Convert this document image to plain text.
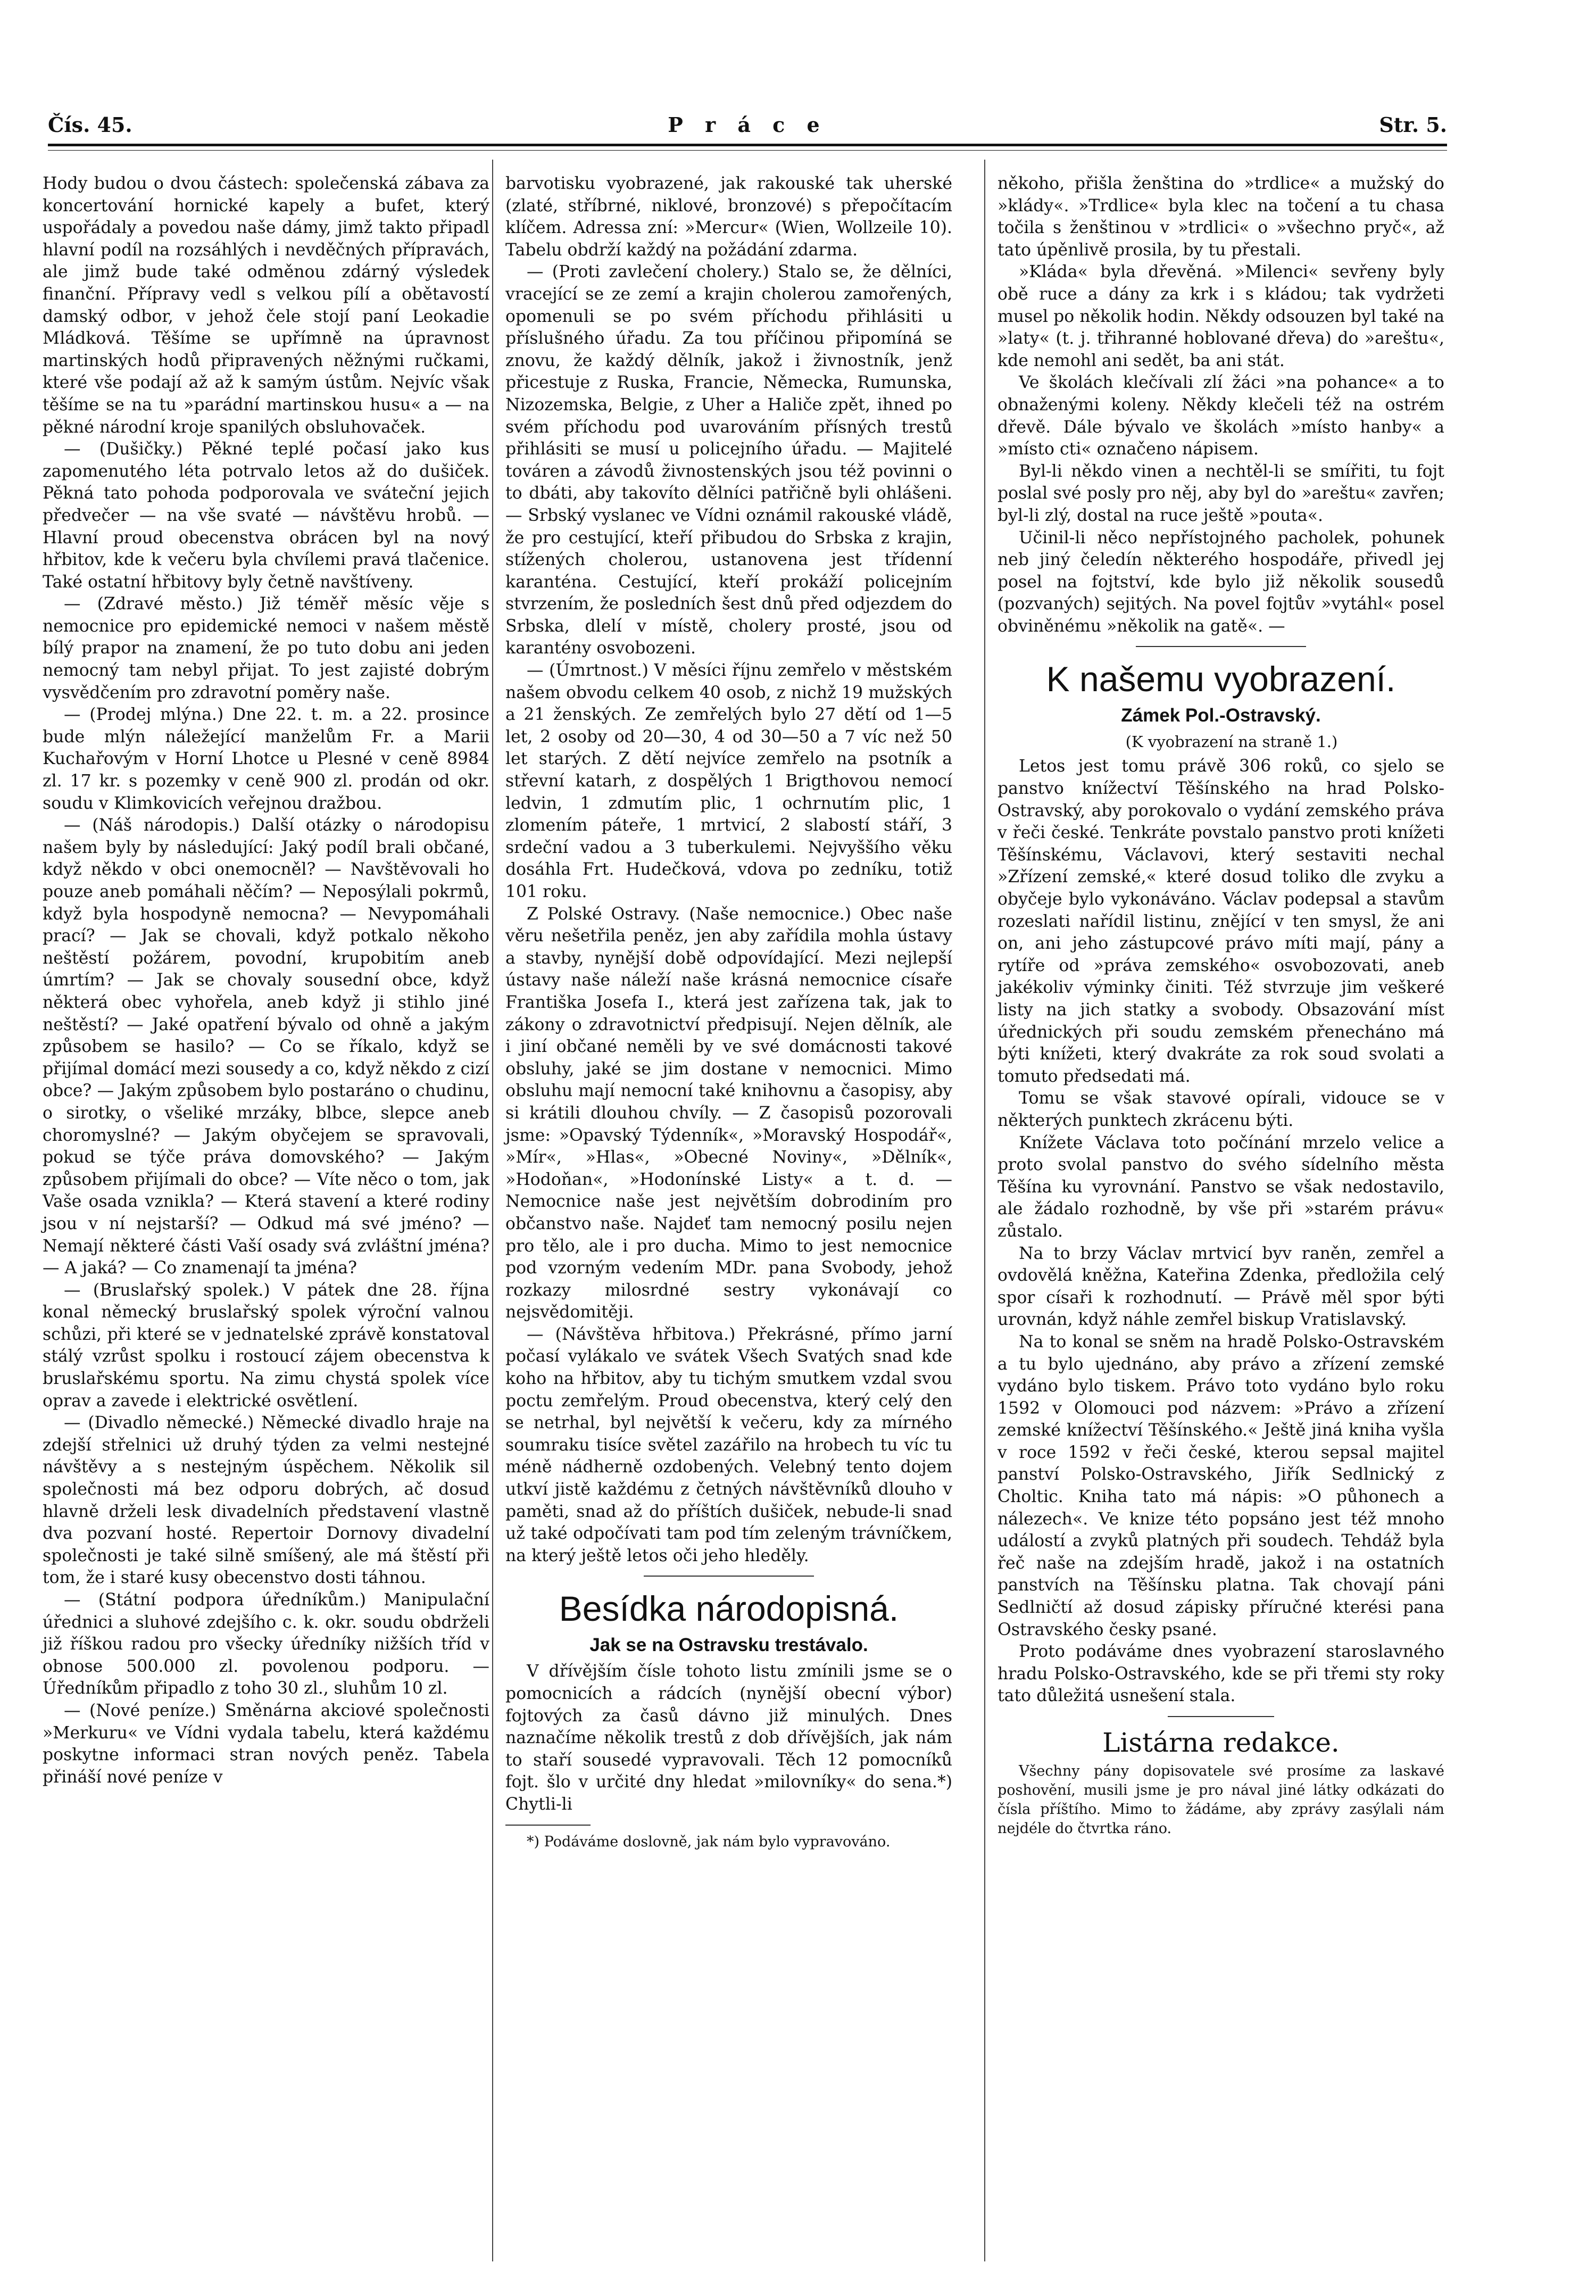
Čís. 45.	P r á c e	Str. 5.

Hody budou o dvou částech: společenská zábava za koncertování hornické kapely a bufet, který uspořádaly a povedou naše dámy, jimž takto připadl hlavní podíl na rozsáhlých i nevděčných přípravách, ale jimž bude také odměnou zdárný výsledek finanční. Přípravy vedl s velkou pílí a obětavostí damský odbor, v jehož čele stojí paní Leokadie Mládková. Těšíme se upřímně na úpravnost martinských hodů připravených něžnými ručkami, které vše podají až až k samým ústům. Nejvíc však těšíme se na tu »parádní martinskou husu« a — na pěkné národní kroje spanilých obsluhovaček.

— (Dušičky.) Pěkné teplé počasí jako kus zapomenutého léta potrvalo letos až do dušiček. Pěkná tato pohoda podporovala ve sváteční jejich předvečer — na vše svaté — návštěvu hrobů. — Hlavní proud obecenstva obrácen byl na nový hřbitov, kde k večeru byla chvílemi pravá tlačenice. Také ostatní hřbitovy byly četně navštíveny.

— (Zdravé město.) Již téměř měsíc věje s nemocnice pro epidemické nemoci v našem městě bílý prapor na znamení, že po tuto dobu ani jeden nemocný tam nebyl přijat. To jest zajisté dobrým vysvědčením pro zdravotní poměry naše.

— (Prodej mlýna.) Dne 22. t. m. a 22. prosince bude mlýn náležející manželům Fr. a Marii Kuchařovým v Horní Lhotce u Plesné v ceně 8984 zl. 17 kr. s pozemky v ceně 900 zl. prodán od okr. soudu v Klimkovicích veřejnou dražbou.

— (Náš národopis.) Další otázky o národopisu našem byly by následující: Jaký podíl brali občané, když někdo v obci onemocněl? — Navštěvovali ho pouze aneb pomáhali něčím? — Neposýlali pokrmů, když byla hospodyně nemocna? — Nevypomáhali prací? — Jak se chovali, když potkalo někoho neštěstí požárem, povodní, krupobitím aneb úmrtím? — Jak se chovaly sousední obce, když některá obec vyhořela, aneb když ji stihlo jiné neštěstí? — Jaké opatření bývalo od ohně a jakým způsobem se hasilo? — Co se říkalo, když se přijímal domácí mezi sousedy a co, když někdo z cizí obce? — Jakým způsobem bylo postaráno o chudinu, o sirotky, o všeliké mrzáky, blbce, slepce aneb choromyslné? — Jakým obyčejem se spravovali, pokud se týče práva domovského? — Jakým způsobem přijímali do obce? — Víte něco o tom, jak Vaše osada vznikla? — Která stavení a které rodiny jsou v ní nejstarší? — Odkud má své jméno? — Nemají některé části Vaší osady svá zvláštní jména? — A jaká? — Co znamenají ta jména?

— (Bruslařský spolek.) V pátek dne 28. října konal německý bruslařský spolek výroční valnou schůzi, při které se v jednatelské zprávě konstatoval stálý vzrůst spolku i rostoucí zájem obecenstva k bruslařskému sportu. Na zimu chystá spolek více oprav a zavede i elektrické osvětlení.

— (Divadlo německé.) Německé divadlo hraje na zdejší střelnici už druhý týden za velmi nestejné návštěvy a s nestejným úspěchem. Několik sil společnosti má bez odporu dobrých, ač dosud hlavně drželi lesk divadelních představení vlastně dva pozvaní hosté. Repertoir Dornovy divadelní společnosti je také silně smíšený, ale má štěstí při tom, že i staré kusy obecenstvo dosti táhnou.

— (Státní podpora úředníkům.) Manipulační úřednici a sluhové zdejšího c. k. okr. soudu obdrželi již říškou radou pro všecky úředníky nižších tříd v obnose 500.000 zl. povolenou podporu. — Úředníkům připadlo z toho 30 zl., sluhům 10 zl.

— (Nové peníze.) Směnárna akciové společnosti »Merkuru« ve Vídni vydala tabelu, která každému poskytne informaci stran nových peněz. Tabela přináší nové peníze v

barvotisku vyobrazené, jak rakouské tak uherské (zlaté, stříbrné, niklové, bronzové) s přepočítacím klíčem. Adressa zní: »Mercur« (Wien, Wollzeile 10). Tabelu obdrží každý na požádání zdarma.

— (Proti zavlečení cholery.) Stalo se, že dělníci, vracející se ze zemí a krajin cholerou zamořených, opomenuli se po svém příchodu přihlásiti u příslušného úřadu. Za tou příčinou připomíná se znovu, že každý dělník, jakož i živnostník, jenž přicestuje z Ruska, Francie, Německa, Rumunska, Nizozemska, Belgie, z Uher a Haliče zpět, ihned po svém příchodu pod uvarováním přísných trestů přihlásiti se musí u policejního úřadu. — Majitelé továren a závodů živnostenských jsou též povinni o to dbáti, aby takovíto dělníci patřičně byli ohlášeni. — Srbský vyslanec ve Vídni oznámil rakouské vládě, že pro cestující, kteří přibudou do Srbska z krajin, stížených cholerou, ustanovena jest třídenní karanténa. Cestující, kteří prokáží policejním stvrzením, že posledních šest dnů před odjezdem do Srbska, dlelí v místě, cholery prosté, jsou od karantény osvobozeni.

— (Úmrtnost.) V měsíci říjnu zemřelo v městském našem obvodu celkem 40 osob, z nichž 19 mužských a 21 ženských. Ze zemřelých bylo 27 dětí od 1—5 let, 2 osoby od 20—30, 4 od 30—50 a 7 víc než 50 let starých. Z dětí nejvíce zemřelo na psotník a střevní katarh, z dospělých 1 Brigthovou nemocí ledvin, 1 zdmutím plic, 1 ochrnutím plic, 1 zlomením páteře, 1 mrtvicí, 2 slabostí stáří, 3 srdeční vadou a 3 tuberkulemi. Nejvyššího věku dosáhla Frt. Hudečková, vdova po zedníku, totiž 101 roku.

Z Polské Ostravy. (Naše nemocnice.) Obec naše věru nešetřila peněz, jen aby zařídila mohla ústavy a stavby, nynější době odpovídající. Mezi nejlepší ústavy naše náleží naše krásná nemocnice císaře Františka Josefa I., která jest zařízena tak, jak to zákony o zdravotnictví předpisují. Nejen dělník, ale i jiní občané neměli by ve své domácnosti takové obsluhy, jaké se jim dostane v nemocnici. Mimo obsluhu mají nemocní také knihovnu a časopisy, aby si krátili dlouhou chvíly. — Z časopisů pozorovali jsme: »Opavský Týdenník«, »Moravský Hospodář«, »Mír«, »Hlas«, »Obecné Noviny«, »Dělník«, »Hodoňan«, »Hodonínské Listy« a t. d. — Nemocnice naše jest největším dobrodiním pro občanstvo naše. Najdeť tam nemocný posilu nejen pro tělo, ale i pro ducha. Mimo to jest nemocnice pod vzorným vedením MDr. pana Svobody, jehož rozkazy milosrdné sestry vykonávají co nejsvědomitěji.

— (Návštěva hřbitova.) Překrásné, přímo jarní počasí vylákalo ve svátek Všech Svatých snad kde koho na hřbitov, aby tu tichým smutkem vzdal svou poctu zemřelým. Proud obecenstva, který celý den se netrhal, byl největší k večeru, kdy za mírného soumraku tisíce světel zazářilo na hrobech tu víc tu méně nádherně ozdobených. Velebný tento dojem utkví jistě každému z četných návštěvníků dlouho v paměti, snad až do příštích dušiček, nebude-li snad už také odpočívati tam pod tím zeleným trávníčkem, na který ještě letos oči jeho hleděly.

Besídka národopisná.
Jak se na Ostravsku trestávalo.

V dřívějším čísle tohoto listu zmínili jsme se o pomocnicích a rádcích (nynější obecní výbor) fojtových za časů dávno již minulých. Dnes naznačíme několik trestů z dob dřívějších, jak nám to staří sousedé vypravovali. Těch 12 pomocníků fojt. šlo v určité dny hledat »milovníky« do sena.*) Chytli-li

*) Podáváme doslovně, jak nám bylo vypravováno.

někoho, přišla ženština do »trdlice« a mužský do »klády«. »Trdlice« byla klec na točení a tu chasa točila s ženštinou v »trdlici« o »všechno pryč«, až tato úpěnlivě prosila, by tu přestali.

»Kláda« byla dřevěná. »Milenci« sevřeny byly obě ruce a dány za krk i s kládou; tak vydržeti musel po několik hodin. Někdy odsouzen byl také na »laty« (t. j. třihranné hoblované dřeva) do »areštu«, kde nemohl ani sedět, ba ani stát.

Ve školách klečívali zlí žáci »na pohance« a to obnaženými koleny. Někdy klečeli též na ostrém dřevě. Dále bývalo ve školách »místo hanby« a »místo cti« označeno nápisem.

Byl-li někdo vinen a nechtěl-li se smířiti, tu fojt poslal své posly pro něj, aby byl do »areštu« zavřen; byl-li zlý, dostal na ruce ještě »pouta«.

Učinil-li něco nepřístojného pacholek, pohunek neb jiný čeledín některého hospodáře, přivedl jej posel na fojtství, kde bylo již několik sousedů (pozvaných) sejitých. Na povel fojtův »vytáhl« posel obviněnému »několik na gatě«. —

K našemu vyobrazení.
Zámek Pol.-Ostravský.

(K vyobrazení na straně 1.)

Letos jest tomu právě 306 roků, co sjelo se panstvo knížectví Těšínského na hrad Polsko-Ostravský, aby porokovalo o vydání zemského práva v řeči české. Tenkráte povstalo panstvo proti knížeti Těšínskému, Václavovi, který sestaviti nechal »Zřízení zemské,« které dosud toliko dle zvyku a obyčeje bylo vykonáváno. Václav podepsal a stavům rozeslati nařídil listinu, znějící v ten smysl, že ani on, ani jeho zástupcové právo míti mají, pány a rytíře od »práva zemského« osvobozovati, aneb jakékoliv výminky činiti. Též stvrzuje jim veškeré listy na jich statky a svobody. Obsazování míst úřednických při soudu zemském přenecháno má býti knížeti, který dvakráte za rok soud svolati a tomuto předsedati má.

Tomu se však stavové opírali, vidouce se v některých punktech zkrácenu býti.

Knížete Václava toto počínání mrzelo velice a proto svolal panstvo do svého sídelního města Těšína ku vyrovnání. Panstvo se však nedostavilo, ale žádalo rozhodně, by vše při »starém právu« zůstalo.

Na to brzy Václav mrtvicí byv raněn, zemřel a ovdovělá kněžna, Kateřina Zdenka, předložila celý spor císaři k rozhodnutí. — Právě měl spor býti urovnán, když náhle zemřel biskup Vratislavský.

Na to konal se sněm na hradě Polsko-Ostravském a tu bylo ujednáno, aby právo a zřízení zemské vydáno bylo tiskem. Právo toto vydáno bylo roku 1592 v Olomouci pod názvem: »Právo a zřízení zemské knížectví Těšínského.« Ještě jiná kniha vyšla v roce 1592 v řeči české, kterou sepsal majitel panství Polsko-Ostravského, Jiřík Sedlnický z Choltic. Kniha tato má nápis: »O půhonech a nálezech«. Ve knize této popsáno jest též mnoho událostí a zvyků platných při soudech. Tehdáž byla řeč naše na zdejším hradě, jakož i na ostatních panstvích na Těšínsku platna. Tak chovají páni Sedlničtí až dosud zápisky příručné kterési pana Ostravského česky psané.

Proto podáváme dnes vyobrazení staroslavného hradu Polsko-Ostravského, kde se při třemi sty roky tato důležitá usnešení stala.

Listárna redakce.

Všechny pány dopisovatele své prosíme za laskavé poshovění, musili jsme je pro nával jiné látky odkázati do čísla příštího. Mimo to žádáme, aby zprávy zasýlali nám nejdéle do čtvrtka ráno.
